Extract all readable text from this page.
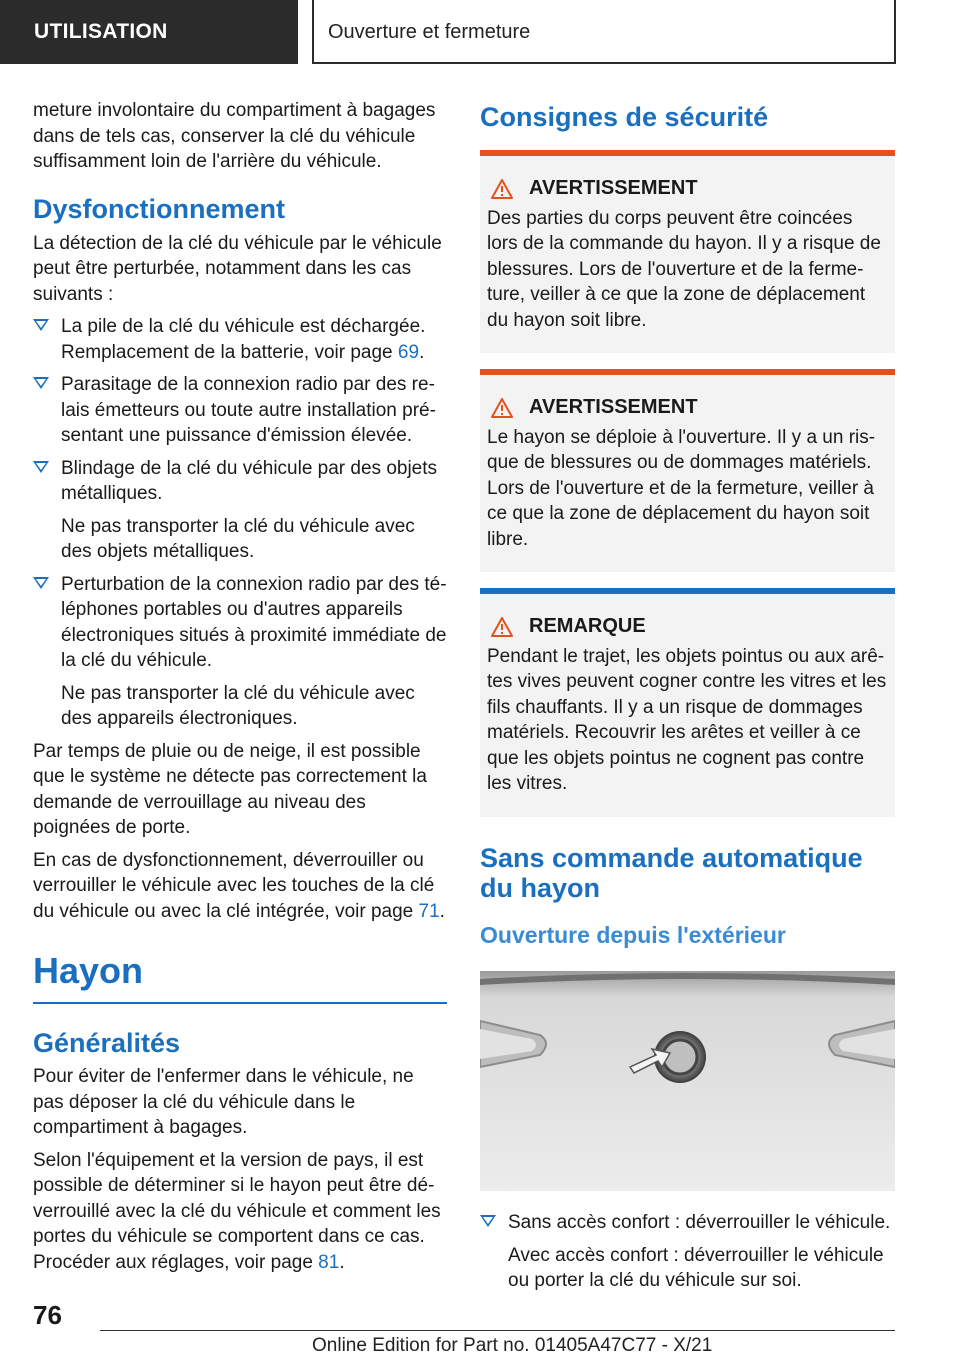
UTILISATION	Ouverture et fermeture

meture involontaire du compartiment à bagages dans de tels cas, conserver la clé du véhicule suffisamment loin de l'arrière du véhicule.

Dysfonctionnement

La détection de la clé du véhicule par le véhicule peut être perturbée, notamment dans les cas suivants :

La pile de la clé du véhicule est déchargée. Remplacement de la batterie, voir page 69.
Parasitage de la connexion radio par des re-lais émetteurs ou toute autre installation pré-sentant une puissance d'émission élevée.
Blindage de la clé du véhicule par des objets métalliques.
Ne pas transporter la clé du véhicule avec des objets métalliques.
Perturbation de la connexion radio par des té-léphones portables ou d'autres appareils électroniques situés à proximité immédiate de la clé du véhicule.
Ne pas transporter la clé du véhicule avec des appareils électroniques.

Par temps de pluie ou de neige, il est possible que le système ne détecte pas correctement la demande de verrouillage au niveau des poignées de porte.

En cas de dysfonctionnement, déverrouiller ou verrouiller le véhicule avec les touches de la clé du véhicule ou avec la clé intégrée, voir page 71.

Hayon
Généralités

Pour éviter de l'enfermer dans le véhicule, ne pas déposer la clé du véhicule dans le compartiment à bagages.

Selon l'équipement et la version de pays, il est possible de déterminer si le hayon peut être dé-verrouillé avec la clé du véhicule et comment les portes du véhicule se comportent dans ce cas. Procéder aux réglages, voir page 81.

Consignes de sécurité
AVERTISSEMENT
Des parties du corps peuvent être coincées lors de la commande du hayon. Il y a risque de blessures. Lors de l'ouverture et de la ferme-ture, veiller à ce que la zone de déplacement du hayon soit libre.
AVERTISSEMENT
Le hayon se déploie à l'ouverture. Il y a un ris-que de blessures ou de dommages matériels. Lors de l'ouverture et de la fermeture, veiller à ce que la zone de déplacement du hayon soit libre.
REMARQUE
Pendant le trajet, les objets pointus ou aux arê-tes vives peuvent cogner contre les vitres et les fils chauffants. Il y a un risque de dommages matériels. Recouvrir les arêtes et veiller à ce que les objets pointus ne cognent pas contre les vitres.
Sans commande automatique du hayon
Ouverture depuis l'extérieur
Sans accès confort : déverrouiller le véhicule.
Avec accès confort : déverrouiller le véhicule ou porter la clé du véhicule sur soi.
76
Online Edition for Part no. 01405A47C77 - X/21
